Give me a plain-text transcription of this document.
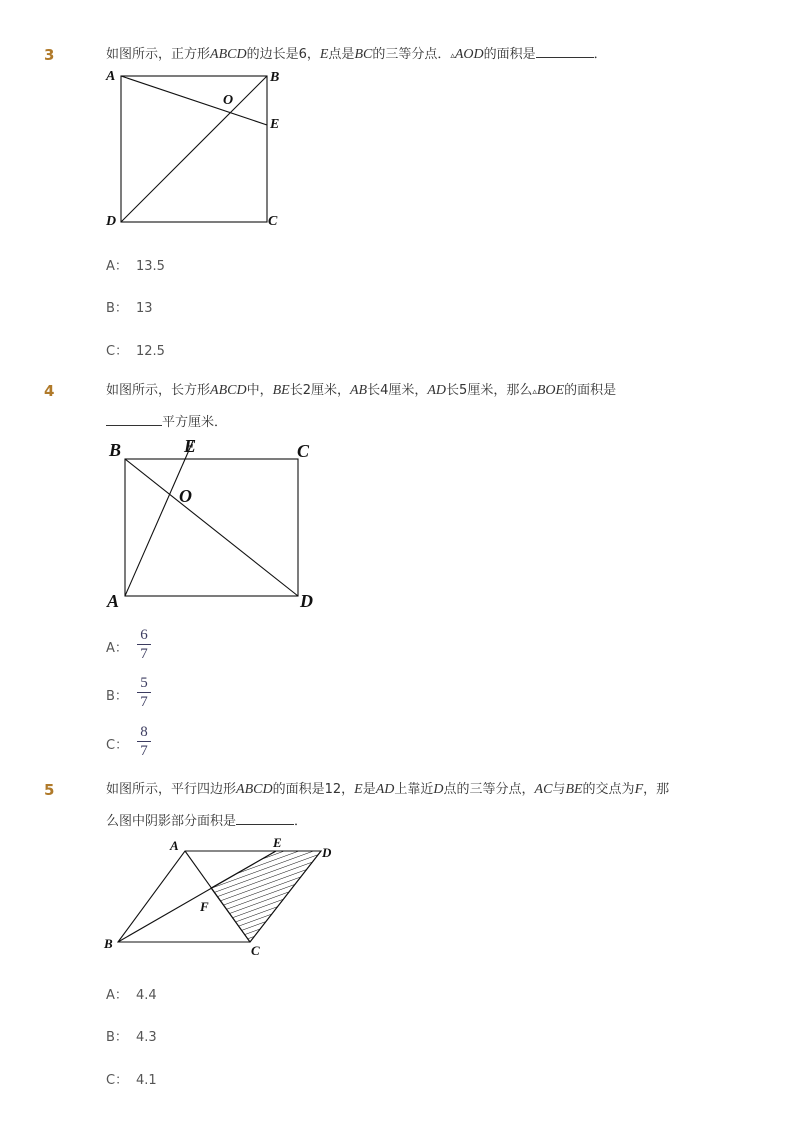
3	如图所示，正方形ABCD的边长是6，E点是BC的三等分点．▵AOD的面积是	．
A	B
E
O
D	C
A： 13.5
B： 13
C： 12.5
4	如图所示，长方形ABCD中，BE长2厘米，AB长4厘米，AD长5厘米，那么▵BOE的面积是
平方厘米．
B	E	C
O
A	D
A：
6
7
B：
5
7
C：
8
7
5	如图所示，平行四边形ABCD的面积是12，E是AD上靠近D点的三等分点，AC与BE的交点为F，那
么图中阴影部分面积是	．
A	E
D
F
B	C
A： 4.4
B： 4.3
C： 4.1
